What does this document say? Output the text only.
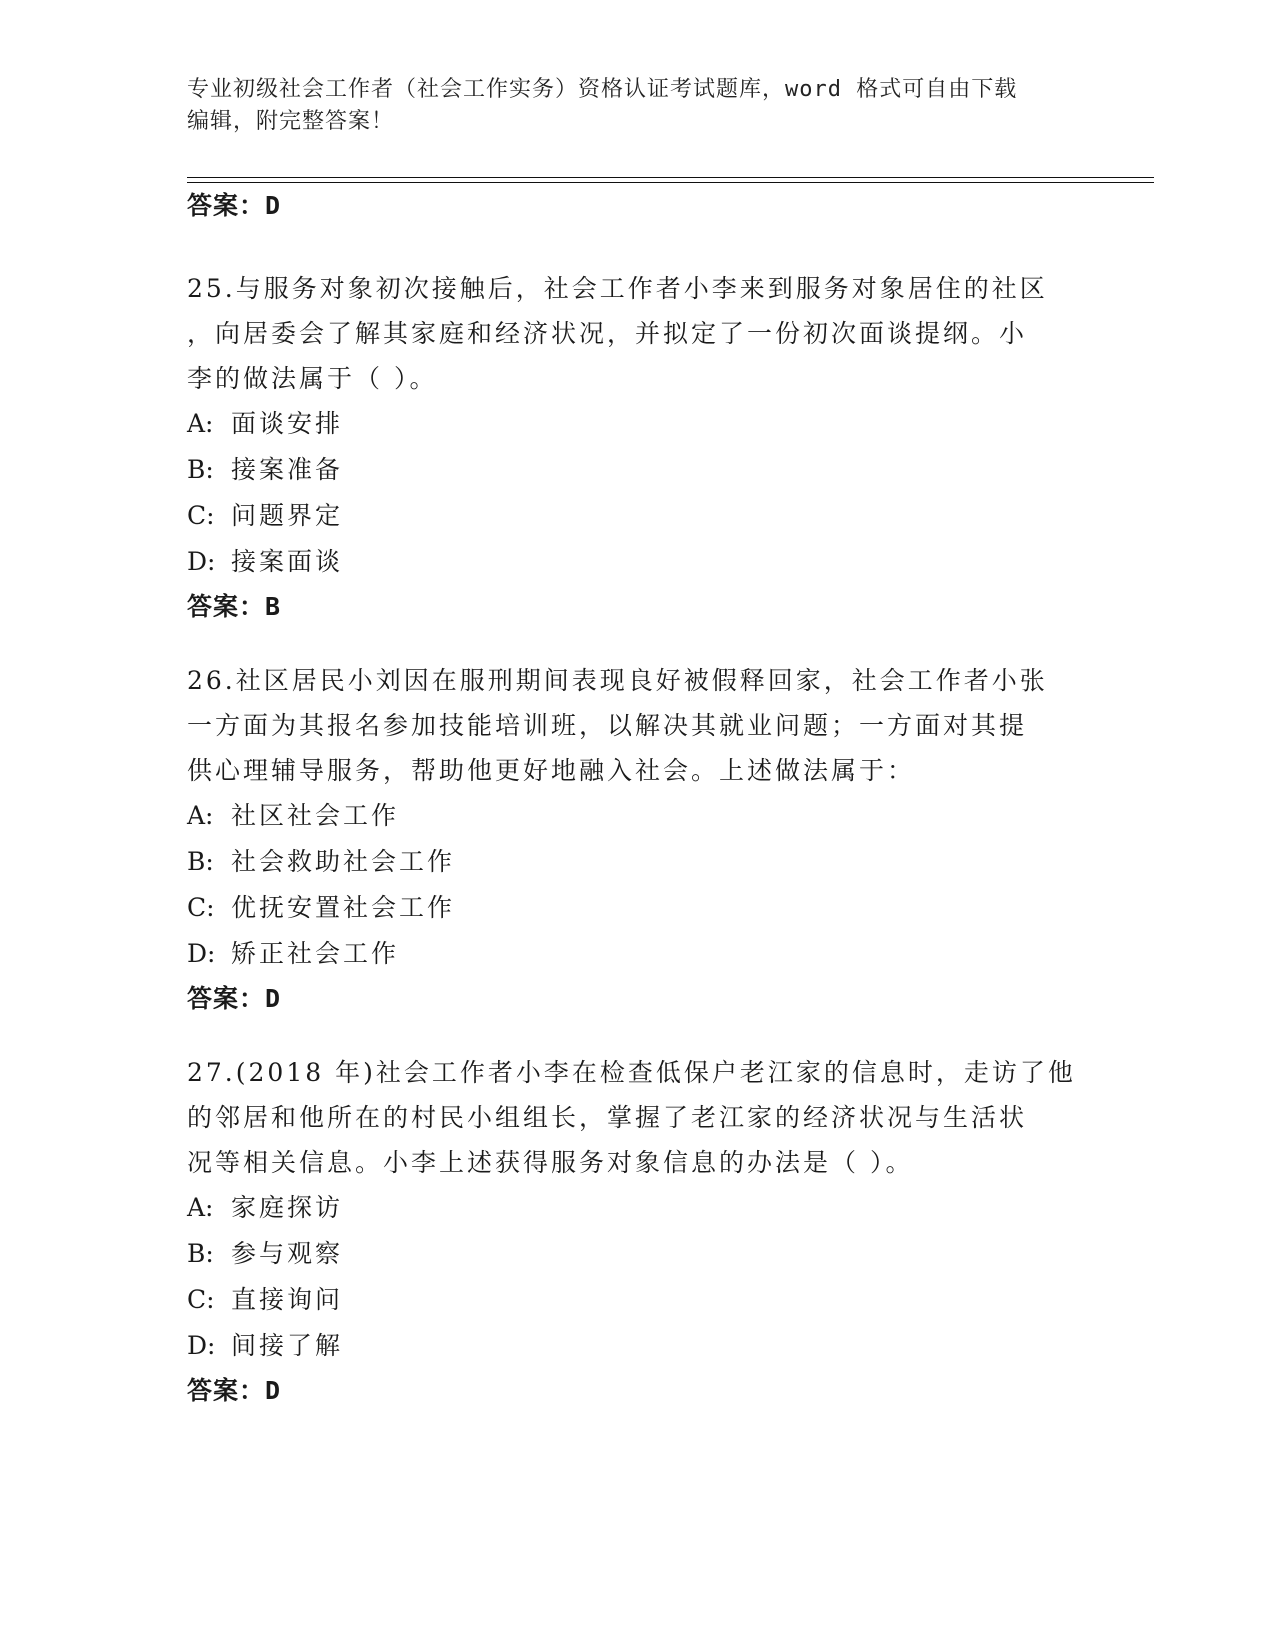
专业初级社会工作者（社会工作实务）资格认证考试题库，word 格式可自由下载
编辑，附完整答案！
答案：D
25.与服务对象初次接触后，社会工作者小李来到服务对象居住的社区
，向居委会了解其家庭和经济状况，并拟定了一份初次面谈提纲。小
李的做法属于（ ）。
A: 面谈安排
B: 接案准备
C: 问题界定
D: 接案面谈
答案：B
26.社区居民小刘因在服刑期间表现良好被假释回家，社会工作者小张
一方面为其报名参加技能培训班，以解决其就业问题；一方面对其提
供心理辅导服务，帮助他更好地融入社会。上述做法属于：
A: 社区社会工作
B: 社会救助社会工作
C: 优抚安置社会工作
D: 矫正社会工作
答案：D
27.(2018 年)社会工作者小李在检查低保户老江家的信息时，走访了他
的邻居和他所在的村民小组组长，掌握了老江家的经济状况与生活状
况等相关信息。小李上述获得服务对象信息的办法是（ ）。
A: 家庭探访
B: 参与观察
C: 直接询问
D: 间接了解
答案：D
